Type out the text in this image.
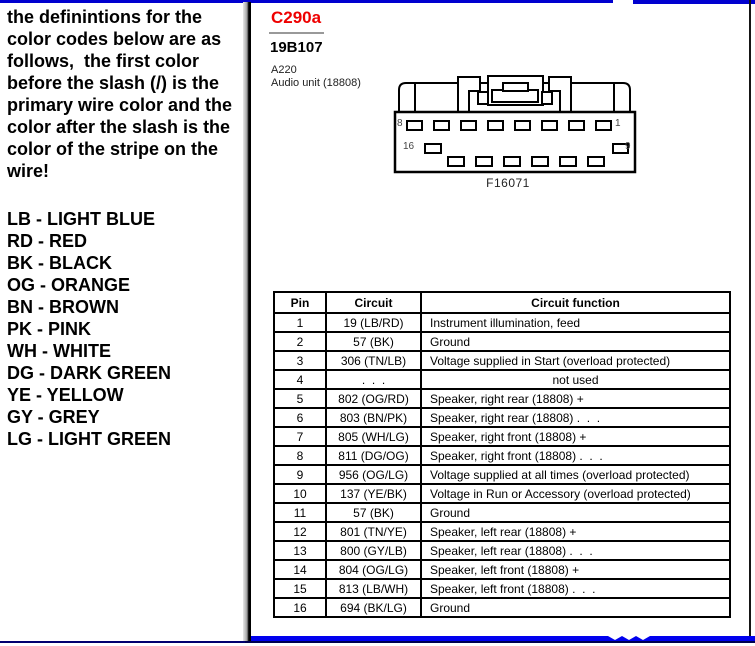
the definintions for the color codes below are as follows,  the first color before the slash (/) is the primary wire color and the color after the slash is the color of the stripe on the wire!
LB - LIGHT BLUE
RD - RED
BK - BLACK
OG - ORANGE
BN - BROWN
PK - PINK
WH - WHITE
DG - DARK GREEN
YE - YELLOW
GY - GREY
LG - LIGHT GREEN
C290a
19B107
A220
Audio unit (18808)
8	1
16	9
F16071
Pin	Circuit	Circuit function
1	19 (LB/RD)	Instrument illumination, feed
2	57 (BK)	Ground
3	306 (TN/LB)	Voltage supplied in Start (overload protected)
4	.  .  .	not used
5	802 (OG/RD)	Speaker, right rear (18808) +
6	803 (BN/PK)	Speaker, right rear (18808) .  .  .
7	805 (WH/LG)	Speaker, right front (18808) +
8	811 (DG/OG)	Speaker, right front (18808) .  .  .
9	956 (OG/LG)	Voltage supplied at all times (overload protected)
10	137 (YE/BK)	Voltage in Run or Accessory (overload protected)
11	57 (BK)	Ground
12	801 (TN/YE)	Speaker, left rear (18808) +
13	800 (GY/LB)	Speaker, left rear (18808) .  .  .
14	804 (OG/LG)	Speaker, left front (18808) +
15	813 (LB/WH)	Speaker, left front (18808) .  .  .
16	694 (BK/LG)	Ground
